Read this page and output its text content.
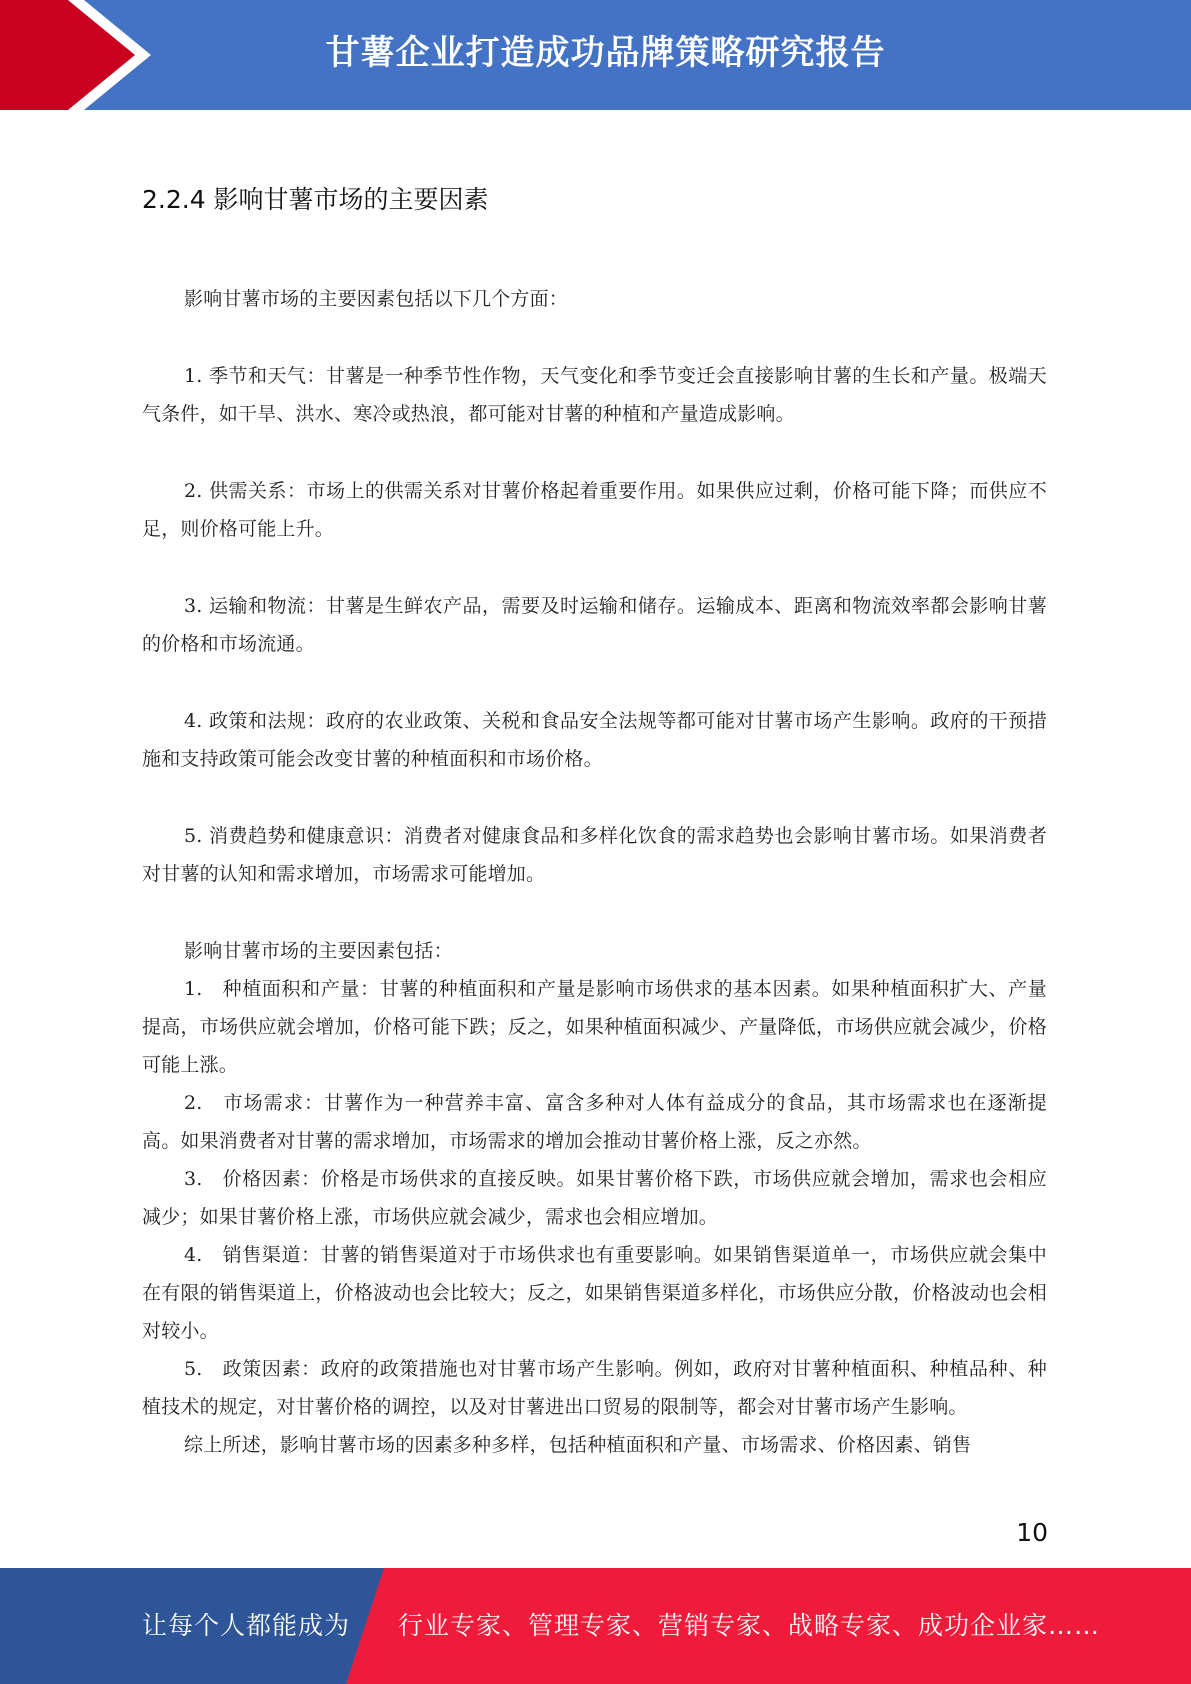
甘薯企业打造成功品牌策略研究报告
2.2.4 影响甘薯市场的主要因素

影响甘薯市场的主要因素包括以下几个方面：

1. 季节和天气：甘薯是一种季节性作物，天气变化和季节变迁会直接影响甘薯的生长和产量。极端天气条件，如干旱、洪水、寒冷或热浪，都可能对甘薯的种植和产量造成影响。

2. 供需关系：市场上的供需关系对甘薯价格起着重要作用。如果供应过剩，价格可能下降；而供应不足，则价格可能上升。

3. 运输和物流：甘薯是生鲜农产品，需要及时运输和储存。运输成本、距离和物流效率都会影响甘薯的价格和市场流通。

4. 政策和法规：政府的农业政策、关税和食品安全法规等都可能对甘薯市场产生影响。政府的干预措施和支持政策可能会改变甘薯的种植面积和市场价格。

5. 消费趋势和健康意识：消费者对健康食品和多样化饮食的需求趋势也会影响甘薯市场。如果消费者对甘薯的认知和需求增加，市场需求可能增加。

影响甘薯市场的主要因素包括：

1.　种植面积和产量：甘薯的种植面积和产量是影响市场供求的基本因素。如果种植面积扩大、产量提高，市场供应就会增加，价格可能下跌；反之，如果种植面积减少、产量降低，市场供应就会减少，价格可能上涨。

2.　市场需求：甘薯作为一种营养丰富、富含多种对人体有益成分的食品，其市场需求也在逐渐提高。如果消费者对甘薯的需求增加，市场需求的增加会推动甘薯价格上涨，反之亦然。

3.　价格因素：价格是市场供求的直接反映。如果甘薯价格下跌，市场供应就会增加，需求也会相应减少；如果甘薯价格上涨，市场供应就会减少，需求也会相应增加。

4.　销售渠道：甘薯的销售渠道对于市场供求也有重要影响。如果销售渠道单一，市场供应就会集中在有限的销售渠道上，价格波动也会比较大；反之，如果销售渠道多样化，市场供应分散，价格波动也会相对较小。

5.　政策因素：政府的政策措施也对甘薯市场产生影响。例如，政府对甘薯种植面积、种植品种、种植技术的规定，对甘薯价格的调控，以及对甘薯进出口贸易的限制等，都会对甘薯市场产生影响。

综上所述，影响甘薯市场的因素多种多样，包括种植面积和产量、市场需求、价格因素、销售

10
让每个人都能成为 行业专家、管理专家、营销专家、战略专家、成功企业家……
